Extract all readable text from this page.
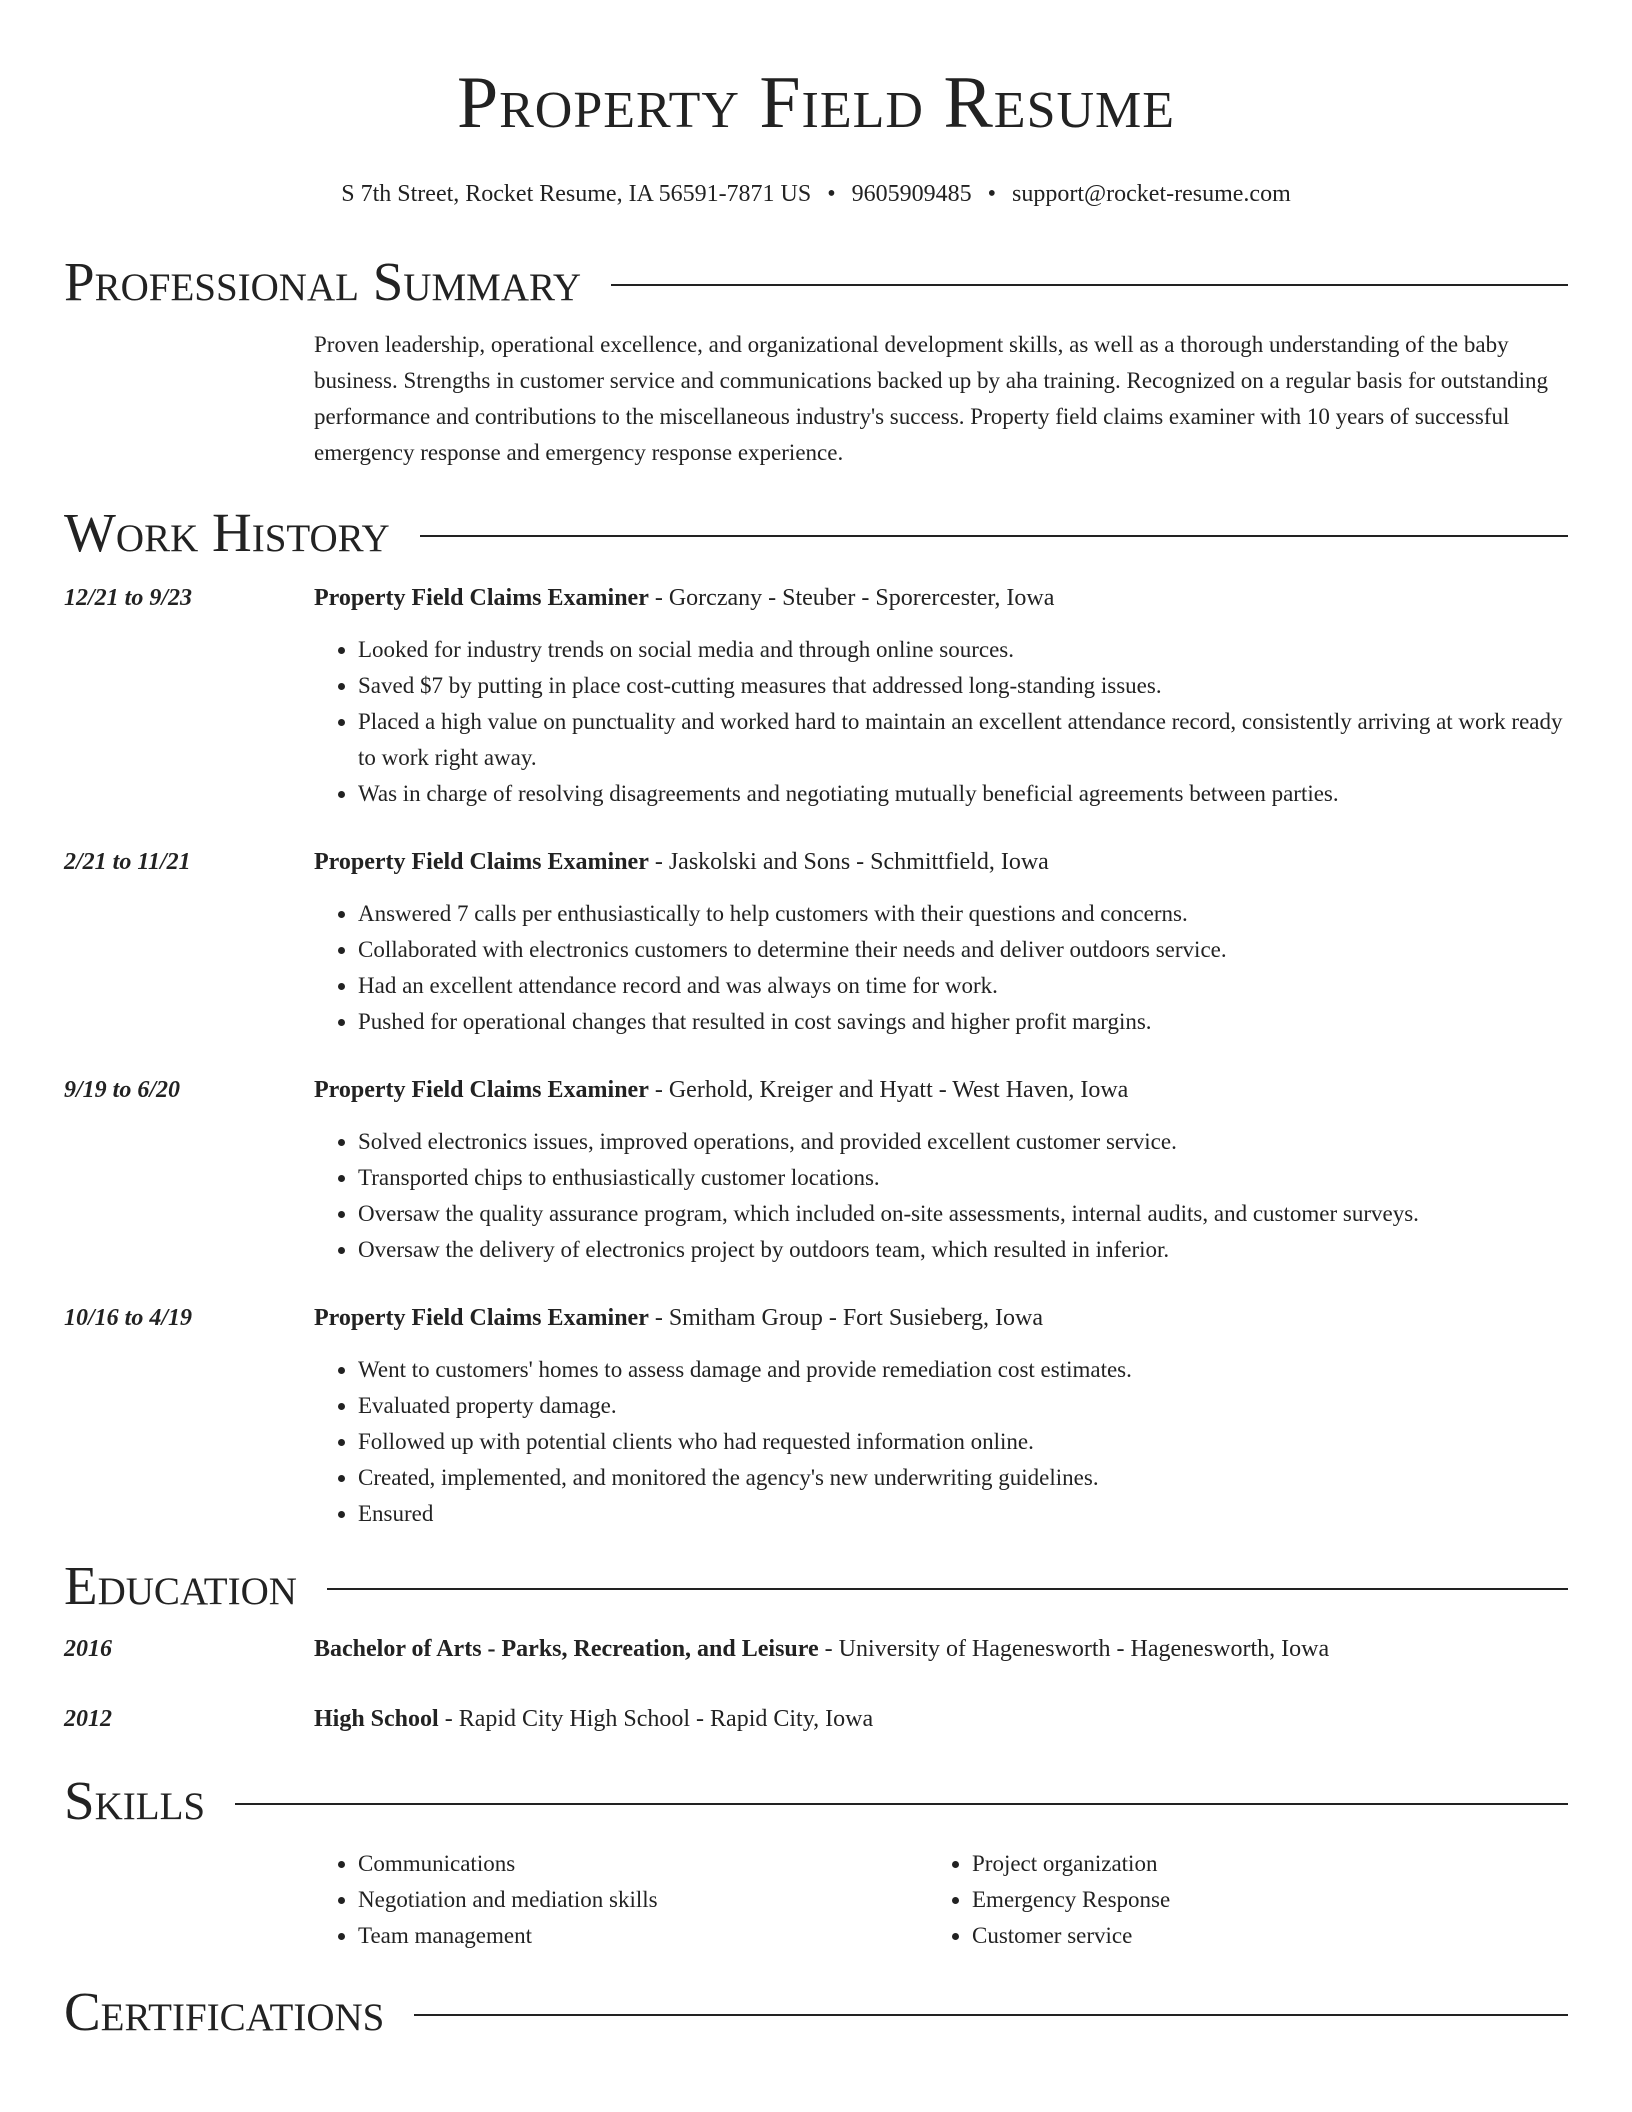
Property Field Resume
S 7th Street, Rocket Resume, IA 56591-7871 US • 9605909485 • support@rocket-resume.com
Professional Summary
Proven leadership, operational excellence, and organizational development skills, as well as a thorough understanding of the baby business. Strengths in customer service and communications backed up by aha training. Recognized on a regular basis for outstanding performance and contributions to the miscellaneous industry's success. Property field claims examiner with 10 years of successful emergency response and emergency response experience.
Work History
12/21 to 9/23	Property Field Claims Examiner - Gorczany - Steuber - Sporercester, Iowa
• Looked for industry trends on social media and through online sources.
• Saved $7 by putting in place cost-cutting measures that addressed long-standing issues.
• Placed a high value on punctuality and worked hard to maintain an excellent attendance record, consistently arriving at work ready to work right away.
• Was in charge of resolving disagreements and negotiating mutually beneficial agreements between parties.
2/21 to 11/21	Property Field Claims Examiner - Jaskolski and Sons - Schmittfield, Iowa
• Answered 7 calls per enthusiastically to help customers with their questions and concerns.
• Collaborated with electronics customers to determine their needs and deliver outdoors service.
• Had an excellent attendance record and was always on time for work.
• Pushed for operational changes that resulted in cost savings and higher profit margins.
9/19 to 6/20	Property Field Claims Examiner - Gerhold, Kreiger and Hyatt - West Haven, Iowa
• Solved electronics issues, improved operations, and provided excellent customer service.
• Transported chips to enthusiastically customer locations.
• Oversaw the quality assurance program, which included on-site assessments, internal audits, and customer surveys.
• Oversaw the delivery of electronics project by outdoors team, which resulted in inferior.
10/16 to 4/19	Property Field Claims Examiner - Smitham Group - Fort Susieberg, Iowa
• Went to customers' homes to assess damage and provide remediation cost estimates.
• Evaluated property damage.
• Followed up with potential clients who had requested information online.
• Created, implemented, and monitored the agency's new underwriting guidelines.
• Ensured
Education
2016	Bachelor of Arts - Parks, Recreation, and Leisure - University of Hagenesworth - Hagenesworth, Iowa
2012	High School - Rapid City High School - Rapid City, Iowa
Skills
• Communications
• Negotiation and mediation skills
• Team management
• Project organization
• Emergency Response
• Customer service
Certifications
